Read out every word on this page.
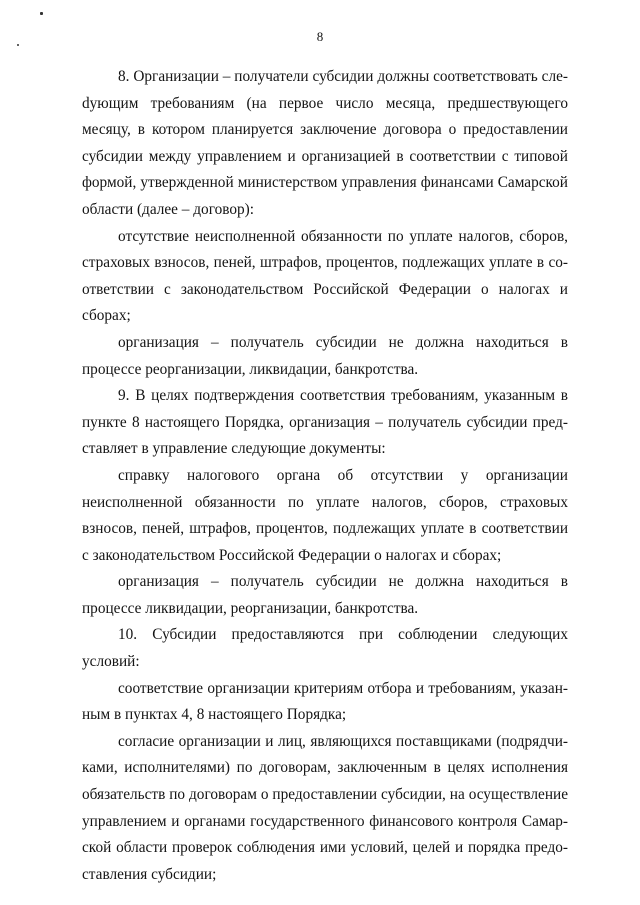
8

8. Организации – получатели субсидии должны соответствовать слеdующим требованиям (на первое число месяца, предшествующего месяцу, в котором планируется заключение договора о предоставлении субсидии между управлением и организацией в соответствии с типовой формой, утвержденной министерством управления финансами Самарской области (далее – договор):

отсутствие неисполненной обязанности по уплате налогов, сборов, страховых взносов, пеней, штрафов, процентов, подлежащих уплате в соответствии с законодательством Российской Федерации о налогах и сборах;

организация – получатель субсидии не должна находиться в процессе реорганизации, ликвидации, банкротства.

9. В целях подтверждения соответствия требованиям, указанным в пункте 8 настоящего Порядка, организация – получатель субсидии представляет в управление следующие документы:

справку налогового органа об отсутствии у организации неисполненной обязанности по уплате налогов, сборов, страховых взносов, пеней, штрафов, процентов, подлежащих уплате в соответствии с законодательством Российской Федерации о налогах и сборах;

организация – получатель субсидии не должна находиться в процессе ликвидации, реорганизации, банкротства.

10. Субсидии предоставляются при соблюдении следующих условий:

соответствие организации критериям отбора и требованиям, указанным в пунктах 4, 8 настоящего Порядка;

согласие организации и лиц, являющихся поставщиками (подрядчиками, исполнителями) по договорам, заключенным в целях исполнения обязательств по договорам о предоставлении субсидии, на осуществление управлением и органами государственного финансового контроля Самарской области проверок соблюдения ими условий, целей и порядка предоставления субсидии;
